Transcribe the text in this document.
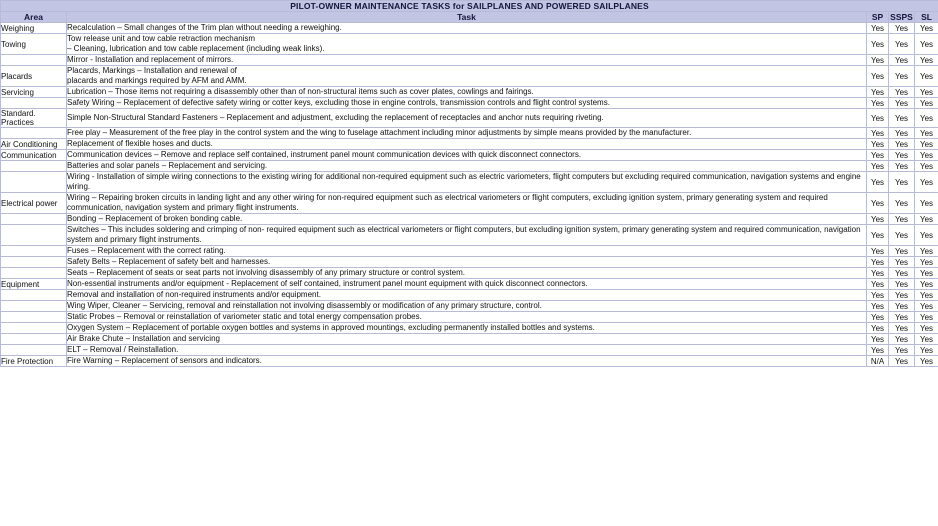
PILOT-OWNER MAINTENANCE TASKS for SAILPLANES AND POWERED SAILPLANES				
Area	Task	SP	SSPS	SL
Weighing	Recalculation – Small changes of the Trim plan without needing a reweighing.	Yes	Yes	Yes
Towing	Tow release unit and tow cable retraction mechanism
– Cleaning, lubrication and tow cable replacement (including weak links).	Yes	Yes	Yes

	Mirror - Installation and replacement of mirrors.	Yes	Yes	Yes
Placards	Placards, Markings – Installation and renewal of
placards and markings required by AFM and AMM.	Yes	Yes	Yes
Servicing	Lubrication – Those items not requiring a disassembly other than of non-structural items such as cover plates, cowlings and fairings.	Yes	Yes	Yes

	Safety Wiring – Replacement of defective safety wiring or cotter keys, excluding those in engine controls, transmission controls and flight control systems.	Yes	Yes	Yes
Standard. Practices	Simple Non-Structural Standard Fasteners – Replacement and adjustment, excluding the replacement of receptacles and anchor nuts requiring riveting.	Yes	Yes	Yes

	Free play – Measurement of the free play in the control system and the wing to fuselage attachment including minor adjustments by simple means provided by the manufacturer.	Yes	Yes	Yes
Air Conditioning	Replacement of flexible hoses and ducts.	Yes	Yes	Yes
Communication	Communication devices – Remove and replace self contained, instrument panel mount communication devices with quick disconnect connectors.	Yes	Yes	Yes

	Batteries and solar panels – Replacement and servicing.	Yes	Yes	Yes

	Wiring - Installation of simple wiring connections to the existing wiring for additional non-required equipment such as electric variometers, flight computers but excluding required communication, navigation systems and engine wiring.	Yes	Yes	Yes
Electrical power	Wiring – Repairing broken circuits in landing light and any other wiring for non-required equipment such as electrical variometers or flight computers, excluding ignition system, primary generating system and required communication, navigation system and primary flight instruments.	Yes	Yes	Yes

	Bonding – Replacement of broken bonding cable.	Yes	Yes	Yes

	Switches – This includes soldering and crimping of non- required equipment such as electrical variometers or flight computers, but excluding ignition system, primary generating system and required communication, navigation system and primary flight instruments.	Yes	Yes	Yes

	Fuses – Replacement with the correct rating.	Yes	Yes	Yes

	Safety Belts – Replacement of safety belt and harnesses.	Yes	Yes	Yes

	Seats – Replacement of seats or seat parts not involving disassembly of any primary structure or control system.	Yes	Yes	Yes
Equipment	Non-essential instruments and/or equipment - Replacement of self contained, instrument panel mount equipment with quick disconnect connectors.	Yes	Yes	Yes

	Removal and installation of non-required instruments and/or equipment.	Yes	Yes	Yes

	Wing Wiper, Cleaner – Servicing, removal and reinstallation not involving disassembly or modification of any primary structure, control.	Yes	Yes	Yes

	Static Probes – Removal or reinstallation of variometer static and total energy compensation probes.	Yes	Yes	Yes

	Oxygen System – Replacement of portable oxygen bottles and systems in approved mountings, excluding permanently installed bottles and systems.	Yes	Yes	Yes

	Air Brake Chute – Installation and servicing	Yes	Yes	Yes

	ELT – Removal / Reinstallation.	Yes	Yes	Yes
Fire Protection	Fire Warning – Replacement of sensors and indicators.	N/A	Yes	Yes
